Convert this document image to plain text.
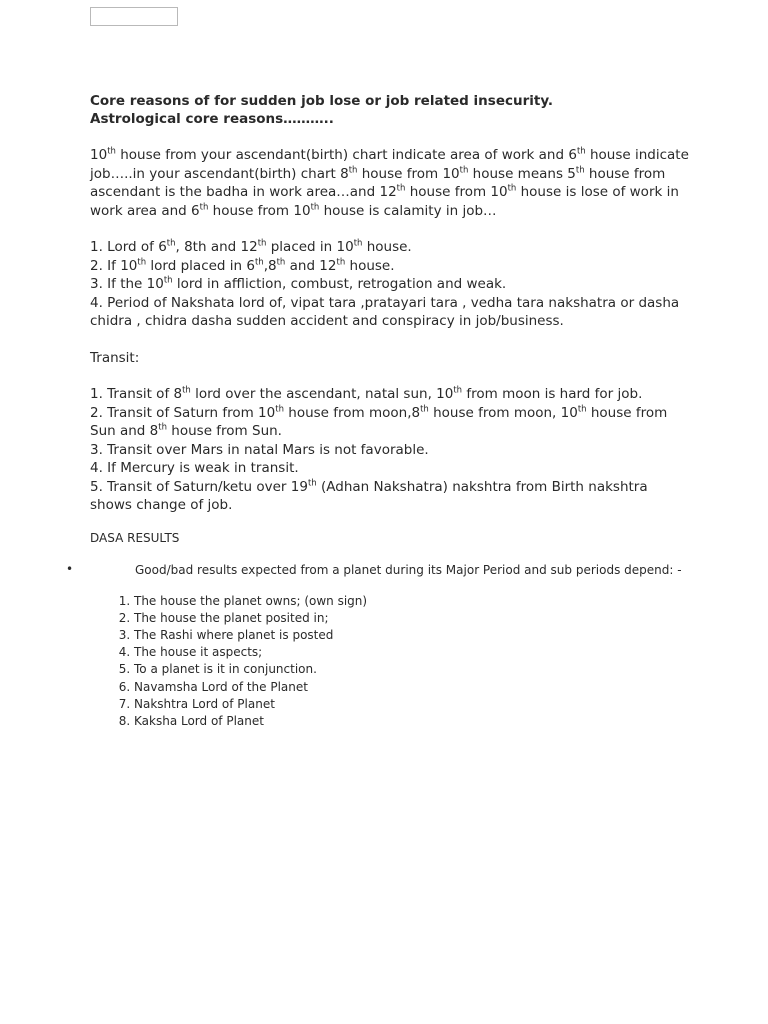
Core reasons of for sudden job lose or job related insecurity.

Astrological core reasons………..

10th house from your ascendant(birth) chart indicate area of work and 6th house indicate job…..in your ascendant(birth) chart 8th house from 10th house means 5th house from ascendant is the badha in work area…and 12th house from 10th house is lose of work in work area and 6th house from 10th house is calamity in job…

1. Lord of 6th, 8th and 12th placed in 10th house.

2. If 10th lord placed in 6th,8th and 12th house.

3. If the 10th lord in affliction, combust, retrogation and weak.

4. Period of Nakshata lord of, vipat tara ,pratayari tara , vedha tara nakshatra or dasha chidra , chidra dasha sudden accident and conspiracy in job/business.

Transit:

1. Transit of 8th lord over the ascendant, natal sun, 10th from moon is hard for job.

2. Transit of Saturn from 10th house from moon,8th house from moon, 10th house from Sun and 8th house from Sun.

3. Transit over Mars in natal Mars is not favorable.

4. If Mercury is weak in transit.

5. Transit of Saturn/ketu over 19th (Adhan Nakshatra) nakshtra from Birth nakshtra shows change of job.

DASA RESULTS

•	Good/bad results expected from a planet during its Major Period and sub periods depend: -

1. The house the planet owns; (own sign)
2. The house the planet posited in;
3. The Rashi where planet is posted
4. The house it aspects;
5. To a planet is it in conjunction.
6. Navamsha Lord of the Planet
7. Nakshtra Lord of Planet
8. Kaksha Lord of Planet
